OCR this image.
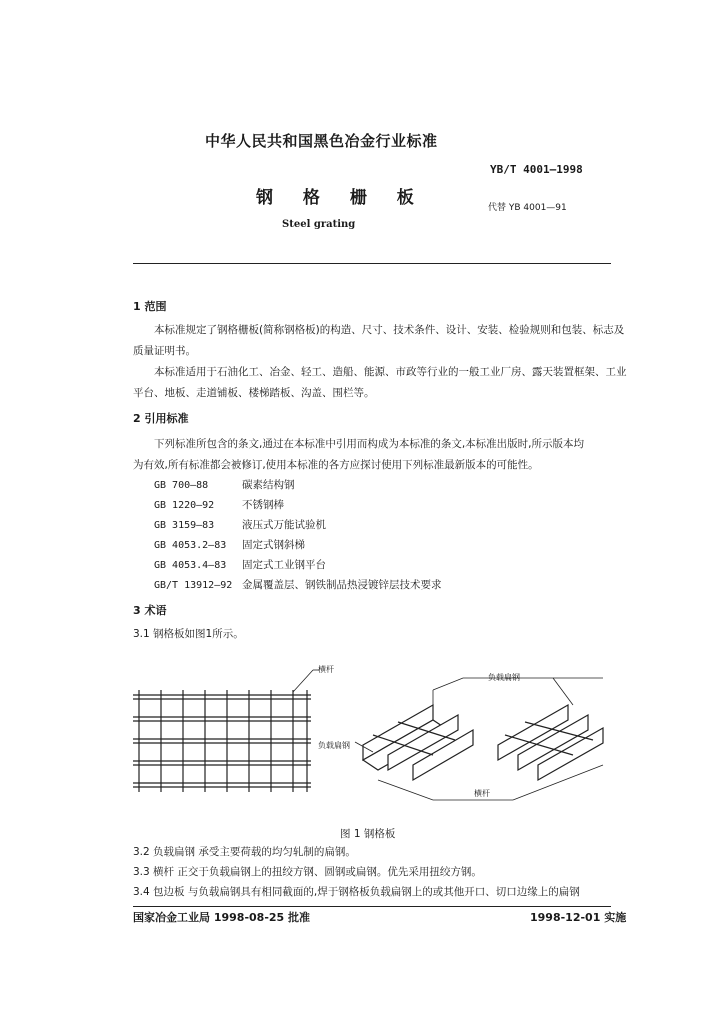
中华人民共和国黑色冶金行业标准
YB/T 4001—1998
钢 格 栅 板	代替 YB 4001—91
Steel grating
1 范围
本标准规定了钢格栅板(简称钢格板)的构造、尺寸、技术条件、设计、安装、检验规则和包装、标志及
质量证明书。
本标准适用于石油化工、冶金、轻工、造船、能源、市政等行业的一般工业厂房、露天装置框架、工业
平台、地板、走道铺板、楼梯踏板、沟盖、围栏等。
2 引用标准
下列标准所包含的条文,通过在本标准中引用而构成为本标准的条文,本标准出版时,所示版本均
为有效,所有标准都会被修订,使用本标准的各方应探讨使用下列标准最新版本的可能性。
GB 700—88	碳素结构钢
GB 1220—92	不锈钢棒
GB 3159—83	液压式万能试验机
GB 4053.2—83 固定式钢斜梯
GB 4053.4—83 固定式工业钢平台
GB/T 13912—92 金属覆盖层、钢铁制品热浸镀锌层技术要求
3 术语
3.1 钢格板如图1所示。
横杆
负载扁钢
负载扁钢
横杆
图 1 钢格板
3.2 负载扁钢 承受主要荷载的均匀轧制的扁钢。
3.3 横杆 正交于负载扁钢上的扭绞方钢、圆钢或扁钢。优先采用扭绞方钢。
3.4 包边板 与负载扁钢具有相同截面的,焊于钢格板负载扁钢上的或其他开口、切口边缘上的扁钢
国家冶金工业局 1998-08-25 批准	1998-12-01 实施
